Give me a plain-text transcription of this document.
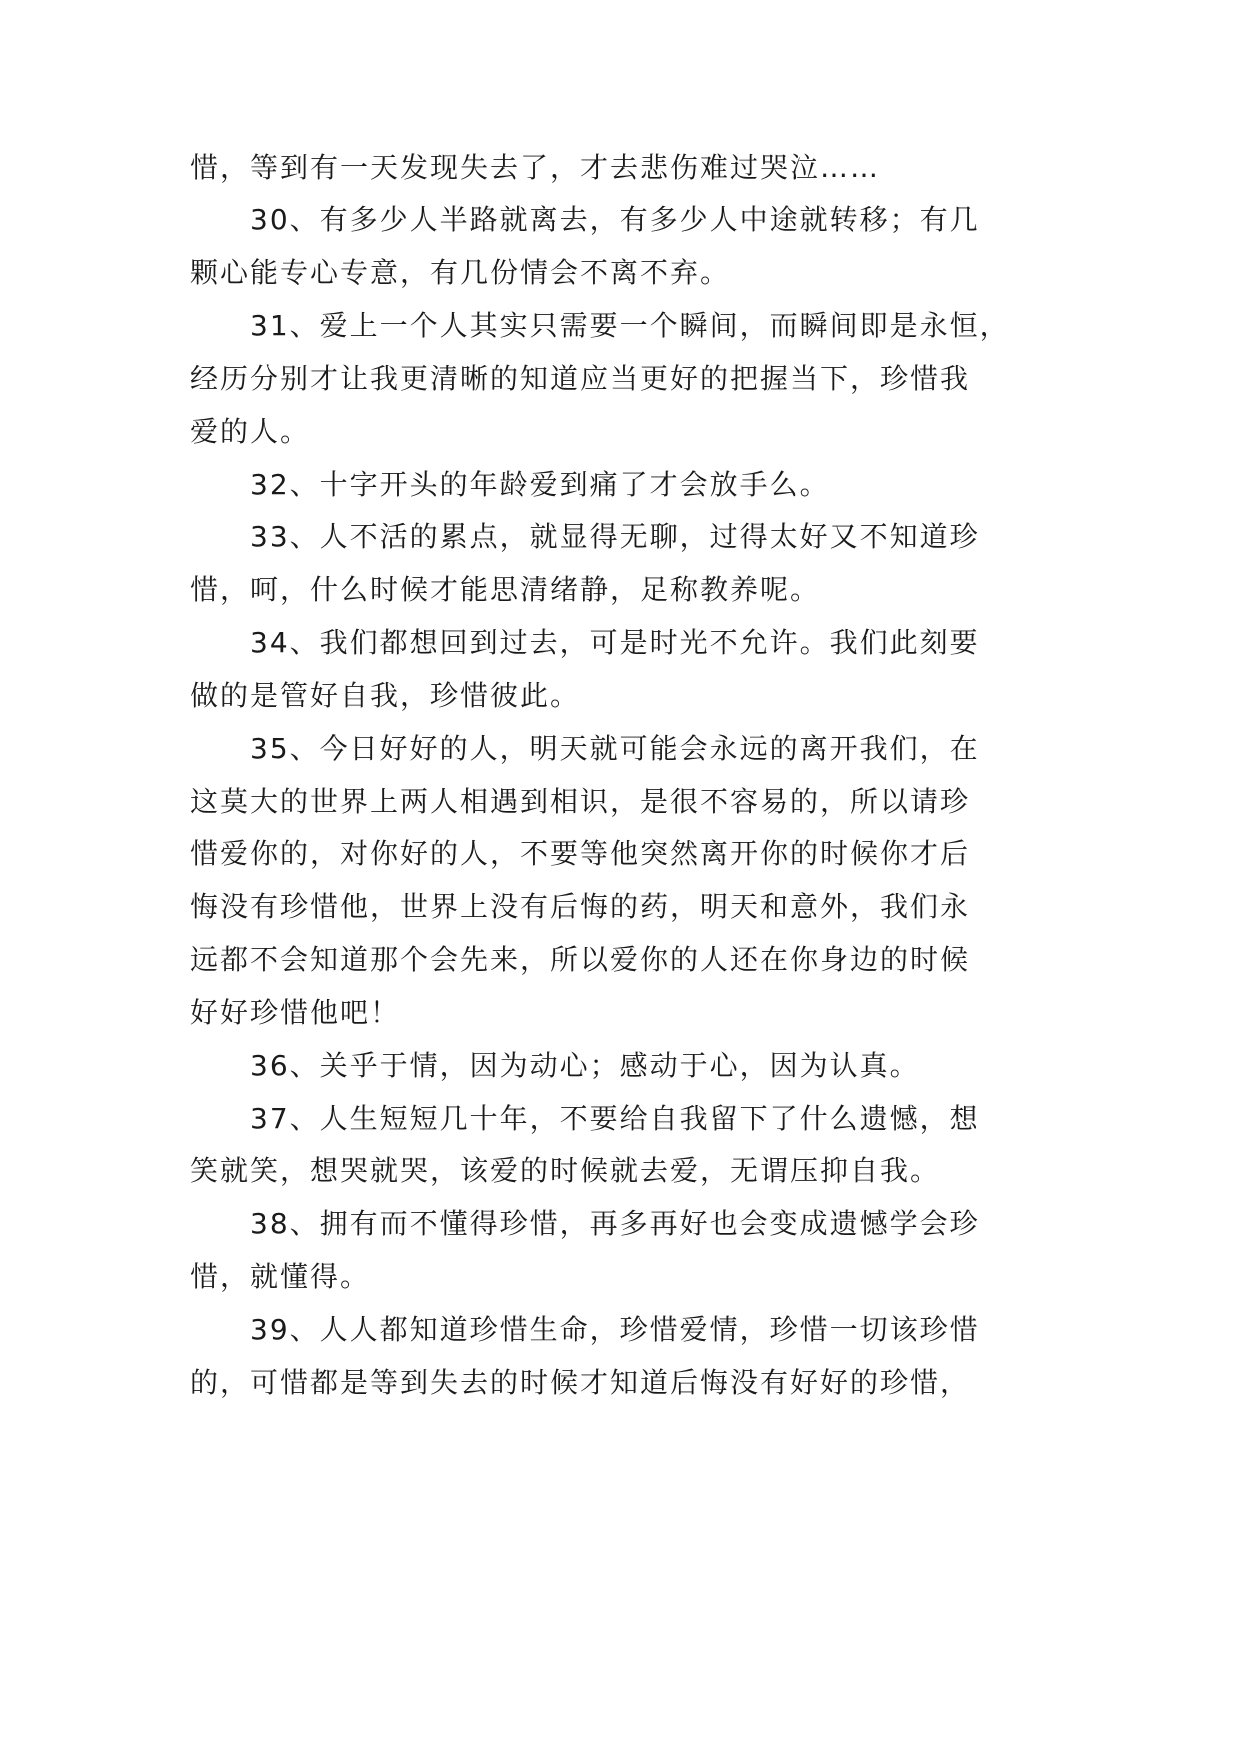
惜，等到有一天发现失去了，才去悲伤难过哭泣……
30、有多少人半路就离去，有多少人中途就转移；有几
颗心能专心专意，有几份情会不离不弃。
31、爱上一个人其实只需要一个瞬间，而瞬间即是永恒，
经历分别才让我更清晰的知道应当更好的把握当下，珍惜我
爱的人。
32、十字开头的年龄爱到痛了才会放手么。
33、人不活的累点，就显得无聊，过得太好又不知道珍
惜，呵，什么时候才能思清绪静，足称教养呢。
34、我们都想回到过去，可是时光不允许。我们此刻要
做的是管好自我，珍惜彼此。
35、今日好好的人，明天就可能会永远的离开我们，在
这莫大的世界上两人相遇到相识，是很不容易的，所以请珍
惜爱你的，对你好的人，不要等他突然离开你的时候你才后
悔没有珍惜他，世界上没有后悔的药，明天和意外，我们永
远都不会知道那个会先来，所以爱你的人还在你身边的时候
好好珍惜他吧！
36、关乎于情，因为动心；感动于心，因为认真。
37、人生短短几十年，不要给自我留下了什么遗憾，想
笑就笑，想哭就哭，该爱的时候就去爱，无谓压抑自我。
38、拥有而不懂得珍惜，再多再好也会变成遗憾学会珍
惜，就懂得。
39、人人都知道珍惜生命，珍惜爱情，珍惜一切该珍惜
的，可惜都是等到失去的时候才知道后悔没有好好的珍惜，
